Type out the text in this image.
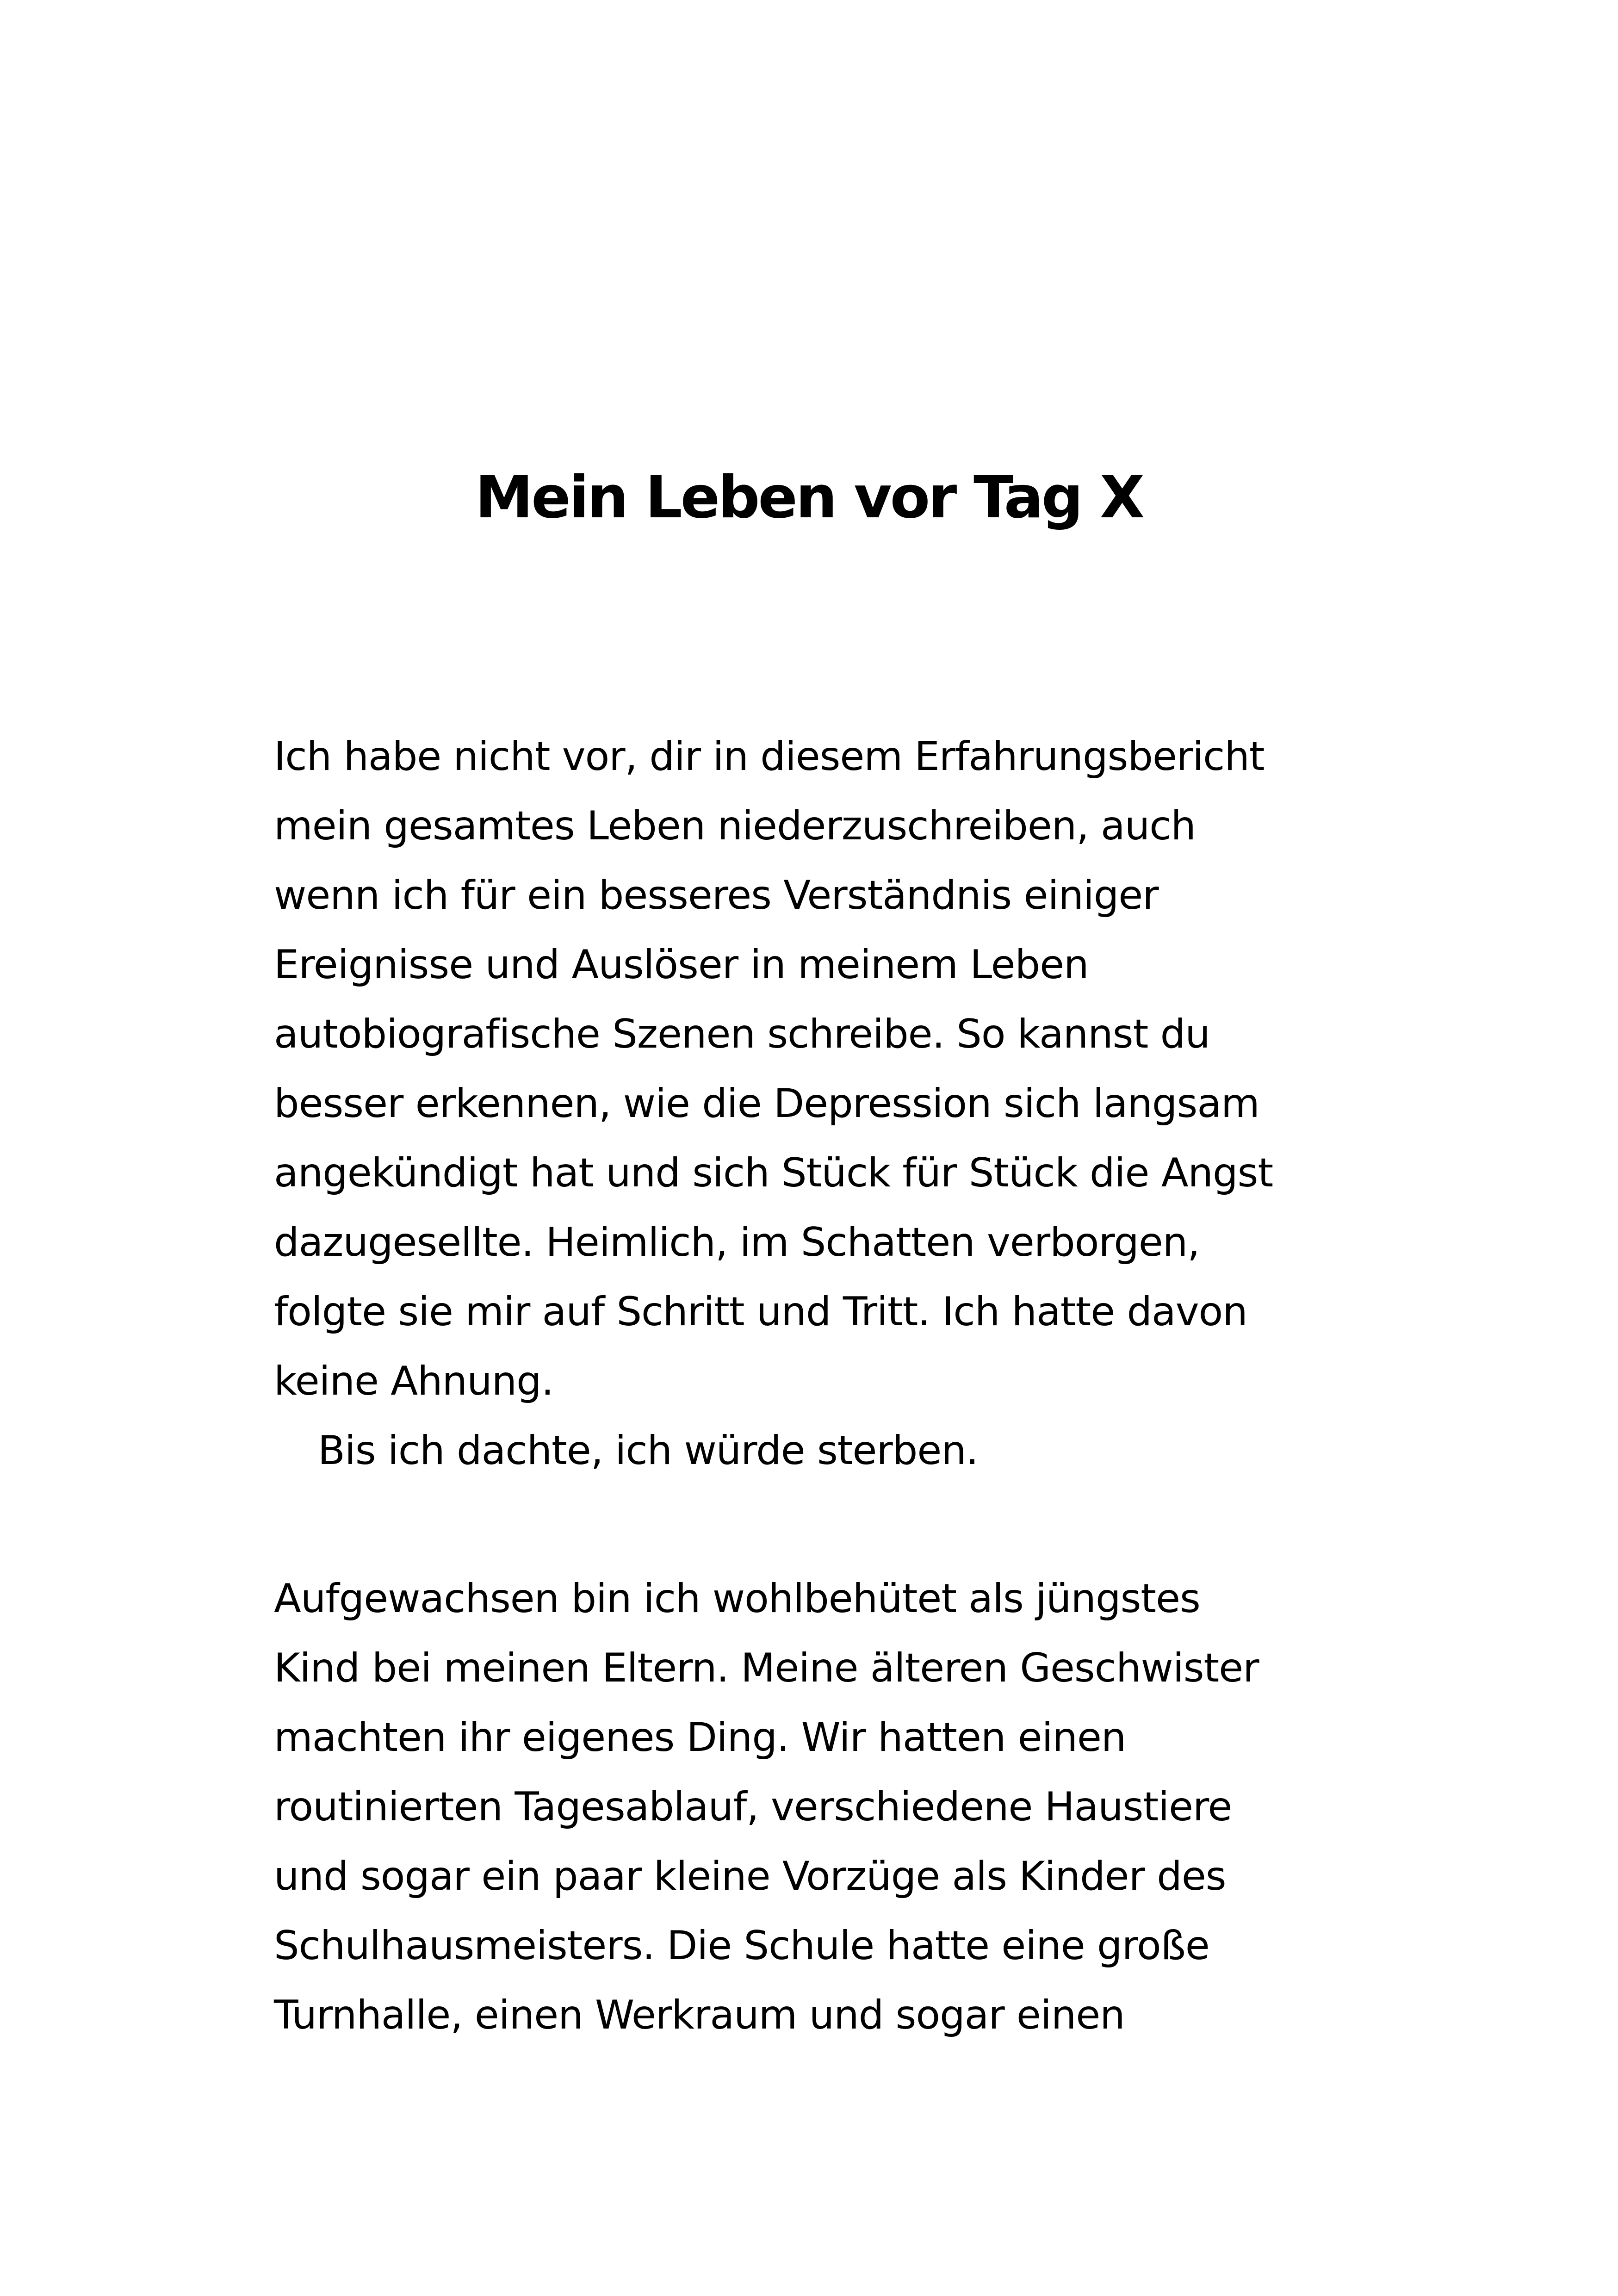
Mein Leben vor Tag X
Ich habe nicht vor, dir in diesem Erfahrungsbericht
mein gesamtes Leben niederzuschreiben, auch
wenn ich für ein besseres Verständnis einiger
Ereignisse und Auslöser in meinem Leben
autobiografische Szenen schreibe. So kannst du
besser erkennen, wie die Depression sich langsam
angekündigt hat und sich Stück für Stück die Angst
dazugesellte. Heimlich, im Schatten verborgen,
folgte sie mir auf Schritt und Tritt. Ich hatte davon
keine Ahnung.
Bis ich dachte, ich würde sterben.
Aufgewachsen bin ich wohlbehütet als jüngstes
Kind bei meinen Eltern. Meine älteren Geschwister
machten ihr eigenes Ding. Wir hatten einen
routinierten Tagesablauf, verschiedene Haustiere
und sogar ein paar kleine Vorzüge als Kinder des
Schulhausmeisters. Die Schule hatte eine große
Turnhalle, einen Werkraum und sogar einen
